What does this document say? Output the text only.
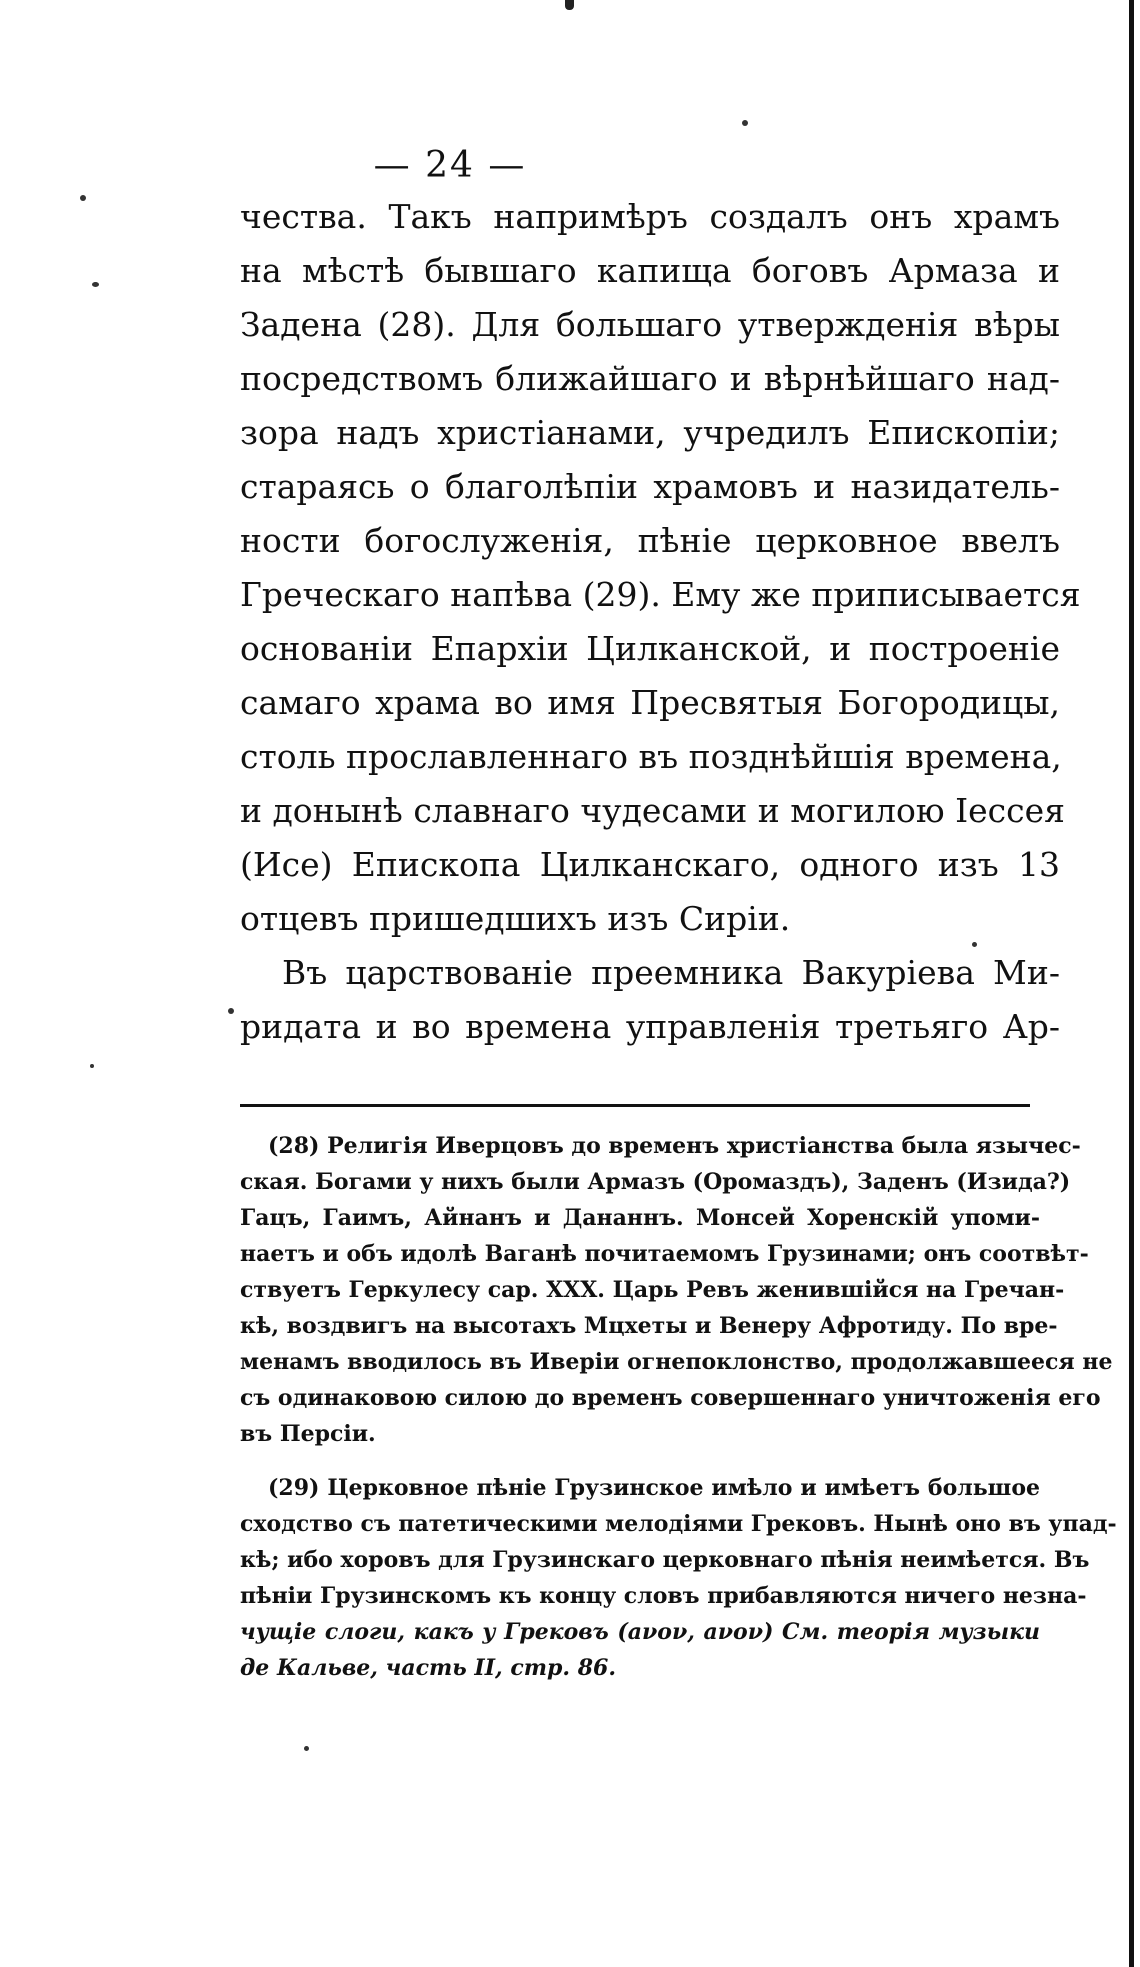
— 24 —
чества. Такъ напримѣръ создалъ онъ храмъ
на мѣстѣ бывшаго капища боговъ Армаза и
Задена (28). Для большаго утвержденія вѣры
посредствомъ ближайшаго и вѣрнѣйшаго над-
зора надъ христіанами, учредилъ Епископіи;
стараясь о благолѣпіи храмовъ и назидатель-
ности богослуженія, пѣніе церковное ввелъ
Греческаго напѣва (29). Ему же приписывается
основаніи Епархіи Цилканской, и построеніе
самаго храма во имя Пресвятыя Богородицы,
столь прославленнаго въ позднѣйшія времена,
и донынѣ славнаго чудесами и могилою Іессея
(Исе) Епископа Цилканскаго, одного изъ 13
отцевъ пришедшихъ изъ Сиріи.
Въ царствованіе преемника Вакуріева Ми-
ридата и во времена управленія третьяго Ар-
(28) Религія Иверцовъ до временъ христіанства была язычес-
ская. Богами у нихъ были Армазъ (Оромаздъ), Заденъ (Изида?)
Гацъ, Гаимъ, Айнанъ и Дананнъ. Монсей Хоренскій упоми-
наетъ и объ идолѣ Ваганѣ почитаемомъ Грузинами; онъ соотвѣт-
ствуетъ Геркулесу сар. XXX. Царь Ревъ женившійся на Гречан-
кѣ, воздвигъ на высотахъ Мцхеты и Венеру Афротиду. По вре-
менамъ вводилось въ Иверіи огнепоклонство, продолжавшееся не
съ одинаковою силою до временъ совершеннаго уничтоженія его
въ Персіи.
(29) Церковное пѣніе Грузинское имѣло и имѣетъ большое
сходство съ патетическими мелодіями Грековъ. Нынѣ оно въ упад-
кѣ; ибо хоровъ для Грузинскаго церковнаго пѣнія неимѣется. Въ
пѣніи Грузинскомъ къ концу словъ прибавляются ничего незна-
чущіе слоги, какъ у Грековъ (аνоν, аνоν) См. теорія музыки
де Кальве, часть II, стр. 86.
